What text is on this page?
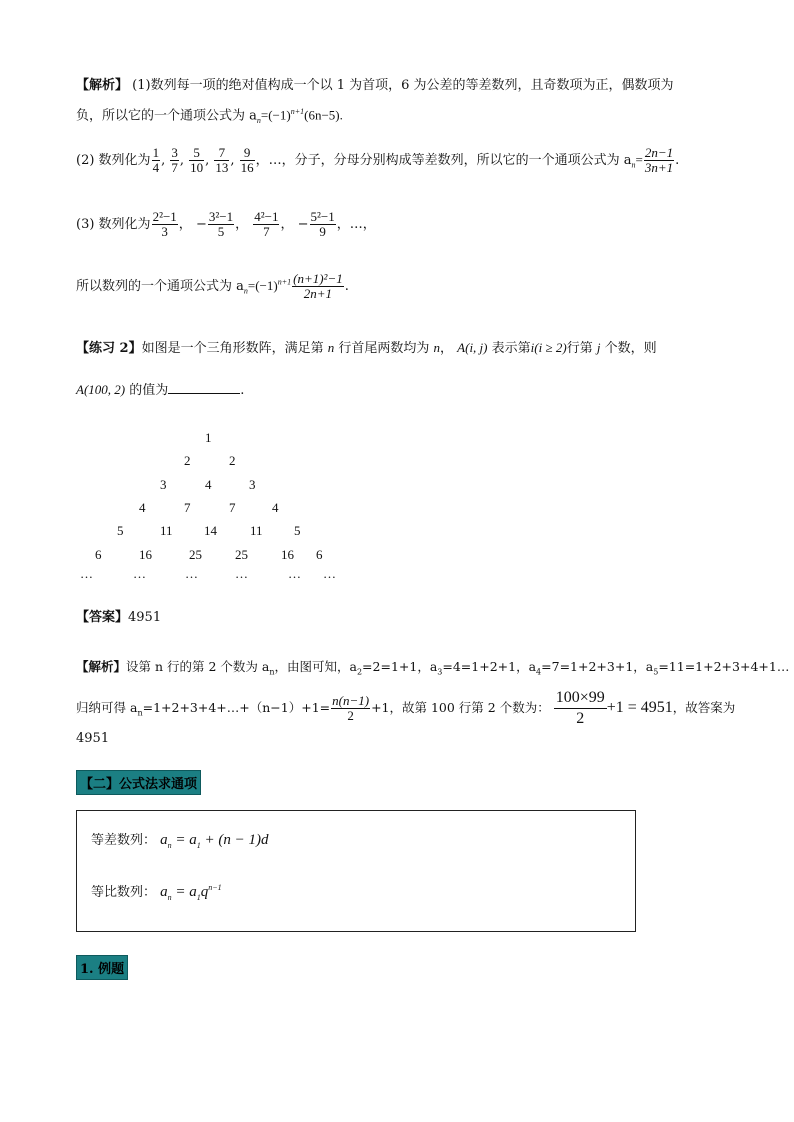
【解析】 (1)数列每一项的绝对值构成一个以 1 为首项，6 为公差的等差数列，且奇数项为正，偶数项为
负，所以它的一个通项公式为 $a_n=(-1)^{n+1}(6n-5)$.
(2) 数列化为 $\frac{1}{4}$ , $\frac{3}{7}$ , $\frac{5}{10}$ , $\frac{7}{13}$ , $\frac{9}{16}$ ，…，分子，分母分别构成等差数列，所以它的一个通项公式为 $a_n= \frac{2n-1}{3n+1}$ .
(3) 数列化为 $\frac{\text{2²−1}}{3}$ ， − $\frac{\text{3²−1}}{5}$ ， $\frac{\text{4²−1}}{7}$ ， − $\frac{\text{5²−1}}{9}$ ，…，
所以数列的一个通项公式为 $a_n=(-1)^{n+1} \frac{\text{(n+1)²−1}}{2n+1}$ .
【练习 2】如图是一个三角形数阵，满足第 n 行首尾两数均为 n， A(i, j) 表示第i(i ≥ 2)行第 j 个数，则
A(100, 2) 的值为	.
1
2	2
3	4	3
4	7	7	4
5	11 14	11 5
6	16	25	25	16 6
…	…	…	…	… …
【答案】4951
【解析】设第 n 行的第 2 个数为 $a_n$，由图可知，$a_2=2=1+1$，$a_3=4=1+2+1$，$a_4=7=1+2+3+1$，$a_5=11=1+2+3+4+1\dots$
归纳可得 $a_n=1+2+3+4+\dots+(n-1)+1= \frac{n(n-1)}{2} +1$，故第 100 行第 2 个数为： $\frac{100\times 99}{2} +1 = 4951$，故答案为
4951
【二】公式法求通项
等差数列： $a_n = a_1 + (n - 1)d$
等比数列： $a_n = a_1q^{n-1}$
1. 例题
